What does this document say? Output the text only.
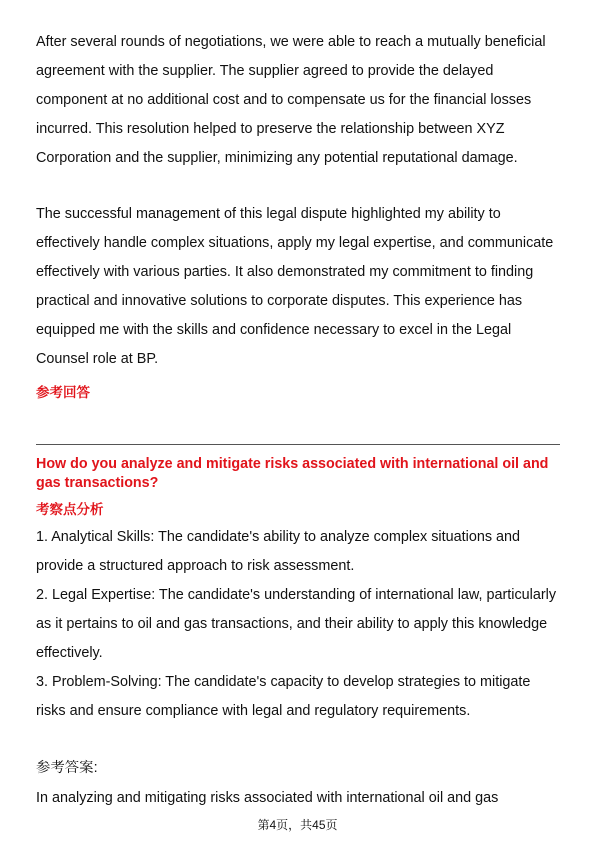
After several rounds of negotiations, we were able to reach a mutually beneficial
agreement with the supplier. The supplier agreed to provide the delayed
component at no additional cost and to compensate us for the financial losses
incurred. This resolution helped to preserve the relationship between XYZ
Corporation and the supplier, minimizing any potential reputational damage.
The successful management of this legal dispute highlighted my ability to
effectively handle complex situations, apply my legal expertise, and communicate
effectively with various parties. It also demonstrated my commitment to finding
practical and innovative solutions to corporate disputes. This experience has
equipped me with the skills and confidence necessary to excel in the Legal
Counsel role at BP.
参考回答
How do you analyze and mitigate risks associated with international oil and
gas transactions?
考察点分析
1. Analytical Skills: The candidate's ability to analyze complex situations and
provide a structured approach to risk assessment.
2. Legal Expertise: The candidate's understanding of international law, particularly
as it pertains to oil and gas transactions, and their ability to apply this knowledge
effectively.
3. Problem-Solving: The candidate's capacity to develop strategies to mitigate
risks and ensure compliance with legal and regulatory requirements.
参考答案:
In analyzing and mitigating risks associated with international oil and gas
第4页，共45页
